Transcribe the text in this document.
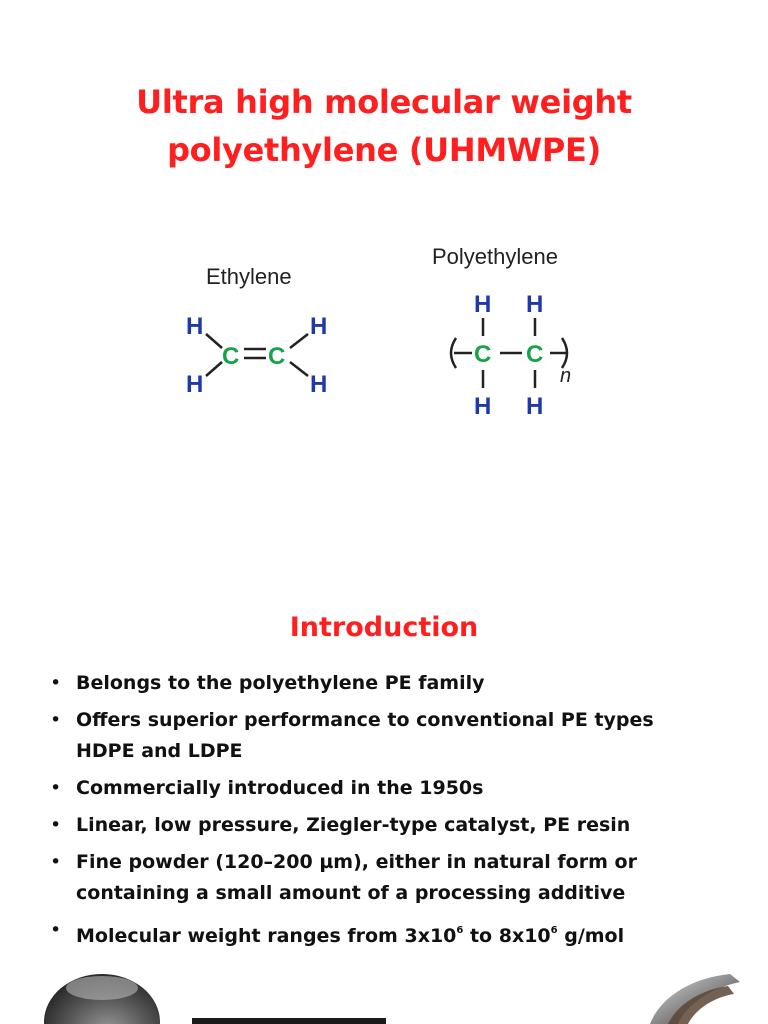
Ultra high molecular weight
polyethylene (UHMWPE)
Ethylene
H	H
H	H
C C
Polyethylene
H H
C C
H H
n
Introduction
• Belongs to the polyethylene PE family
• Offers superior performance to conventional PE types
HDPE and LDPE
• Commercially introduced in the 1950s
• Linear, low pressure, Ziegler-type catalyst, PE resin
• Fine powder (120–200 µm), either in natural form or
containing a small amount of a processing additive
• Molecular weight ranges from $3x10^6$ to $8x10^6$ g/mol
